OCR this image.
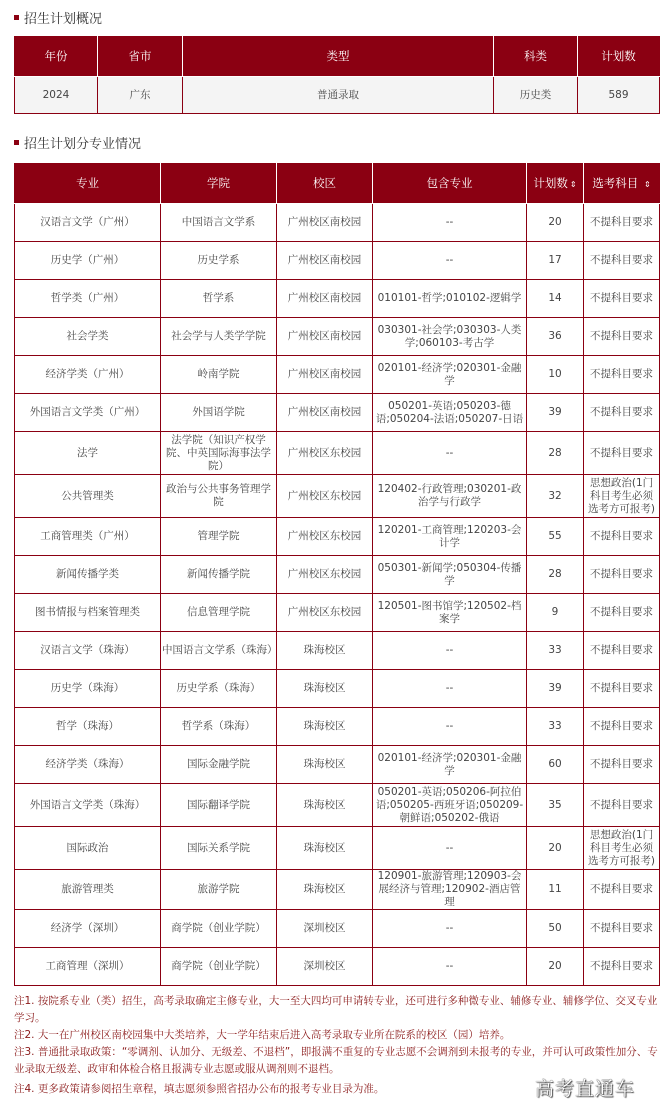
招生计划概况
年份	省市	类型	科类	计划数
2024	广东	普通录取	历史类	589
招生计划分专业情况
专业	学院	校区	包含专业	计划数 ⇕	选考科目 ⇕
汉语言文学（广州）	中国语言文学系	广州校区南校园	--	20	不提科目要求
历史学（广州）	历史学系	广州校区南校园	--	17	不提科目要求
哲学类（广州）	哲学系	广州校区南校园	010101-哲学;010102-逻辑学	14	不提科目要求
社会学类	社会学与人类学学院	广州校区南校园	030301-社会学;030303-人类学;060103-考古学	36	不提科目要求
经济学类（广州）	岭南学院	广州校区南校园	020101-经济学;020301-金融学	10	不提科目要求
外国语言文学类（广州）	外国语学院	广州校区南校园	050201-英语;050203-德语;050204-法语;050207-日语	39	不提科目要求
法学	法学院（知识产权学院、中英国际海事法学院）	广州校区东校园	--	28	不提科目要求
公共管理类	政治与公共事务管理学院	广州校区东校园	120402-行政管理;030201-政治学与行政学	32	思想政治(1门科目考生必须选考方可报考)
工商管理类（广州）	管理学院	广州校区东校园	120201-工商管理;120203-会计学	55	不提科目要求
新闻传播学类	新闻传播学院	广州校区东校园	050301-新闻学;050304-传播学	28	不提科目要求
图书情报与档案管理类	信息管理学院	广州校区东校园	120501-图书馆学;120502-档案学	9	不提科目要求
汉语言文学（珠海）	中国语言文学系（珠海）	珠海校区	--	33	不提科目要求
历史学（珠海）	历史学系（珠海）	珠海校区	--	39	不提科目要求
哲学（珠海）	哲学系（珠海）	珠海校区	--	33	不提科目要求
经济学类（珠海）	国际金融学院	珠海校区	020101-经济学;020301-金融学	60	不提科目要求
外国语言文学类（珠海）	国际翻译学院	珠海校区	050201-英语;050206-阿拉伯语;050205-西班牙语;050209-朝鲜语;050202-俄语	35	不提科目要求
国际政治	国际关系学院	珠海校区	--	20	思想政治(1门科目考生必须选考方可报考)
旅游管理类	旅游学院	珠海校区	120901-旅游管理;120903-会展经济与管理;120902-酒店管理	11	不提科目要求
经济学（深圳）	商学院（创业学院）	深圳校区	--	50	不提科目要求
工商管理（深圳）	商学院（创业学院）	深圳校区	--	20	不提科目要求
注1. 按院系专业（类）招生，高考录取确定主修专业，大一至大四均可申请转专业，还可进行多种微专业、辅修专业、辅修学位、交叉专业学习。
注2. 大一在广州校区南校园集中大类培养，大一学年结束后进入高考录取专业所在院系的校区（园）培养。
注3. 普通批录取政策：“零调剂、认加分、无级差、不退档”，即报满不重复的专业志愿不会调剂到未报考的专业，并可认可政策性加分、专业录取无级差、政审和体检合格且报满专业志愿或服从调剂则不退档。
注4. 更多政策请参阅招生章程，填志愿须参照省招办公布的报考专业目录为准。	高考直通车
